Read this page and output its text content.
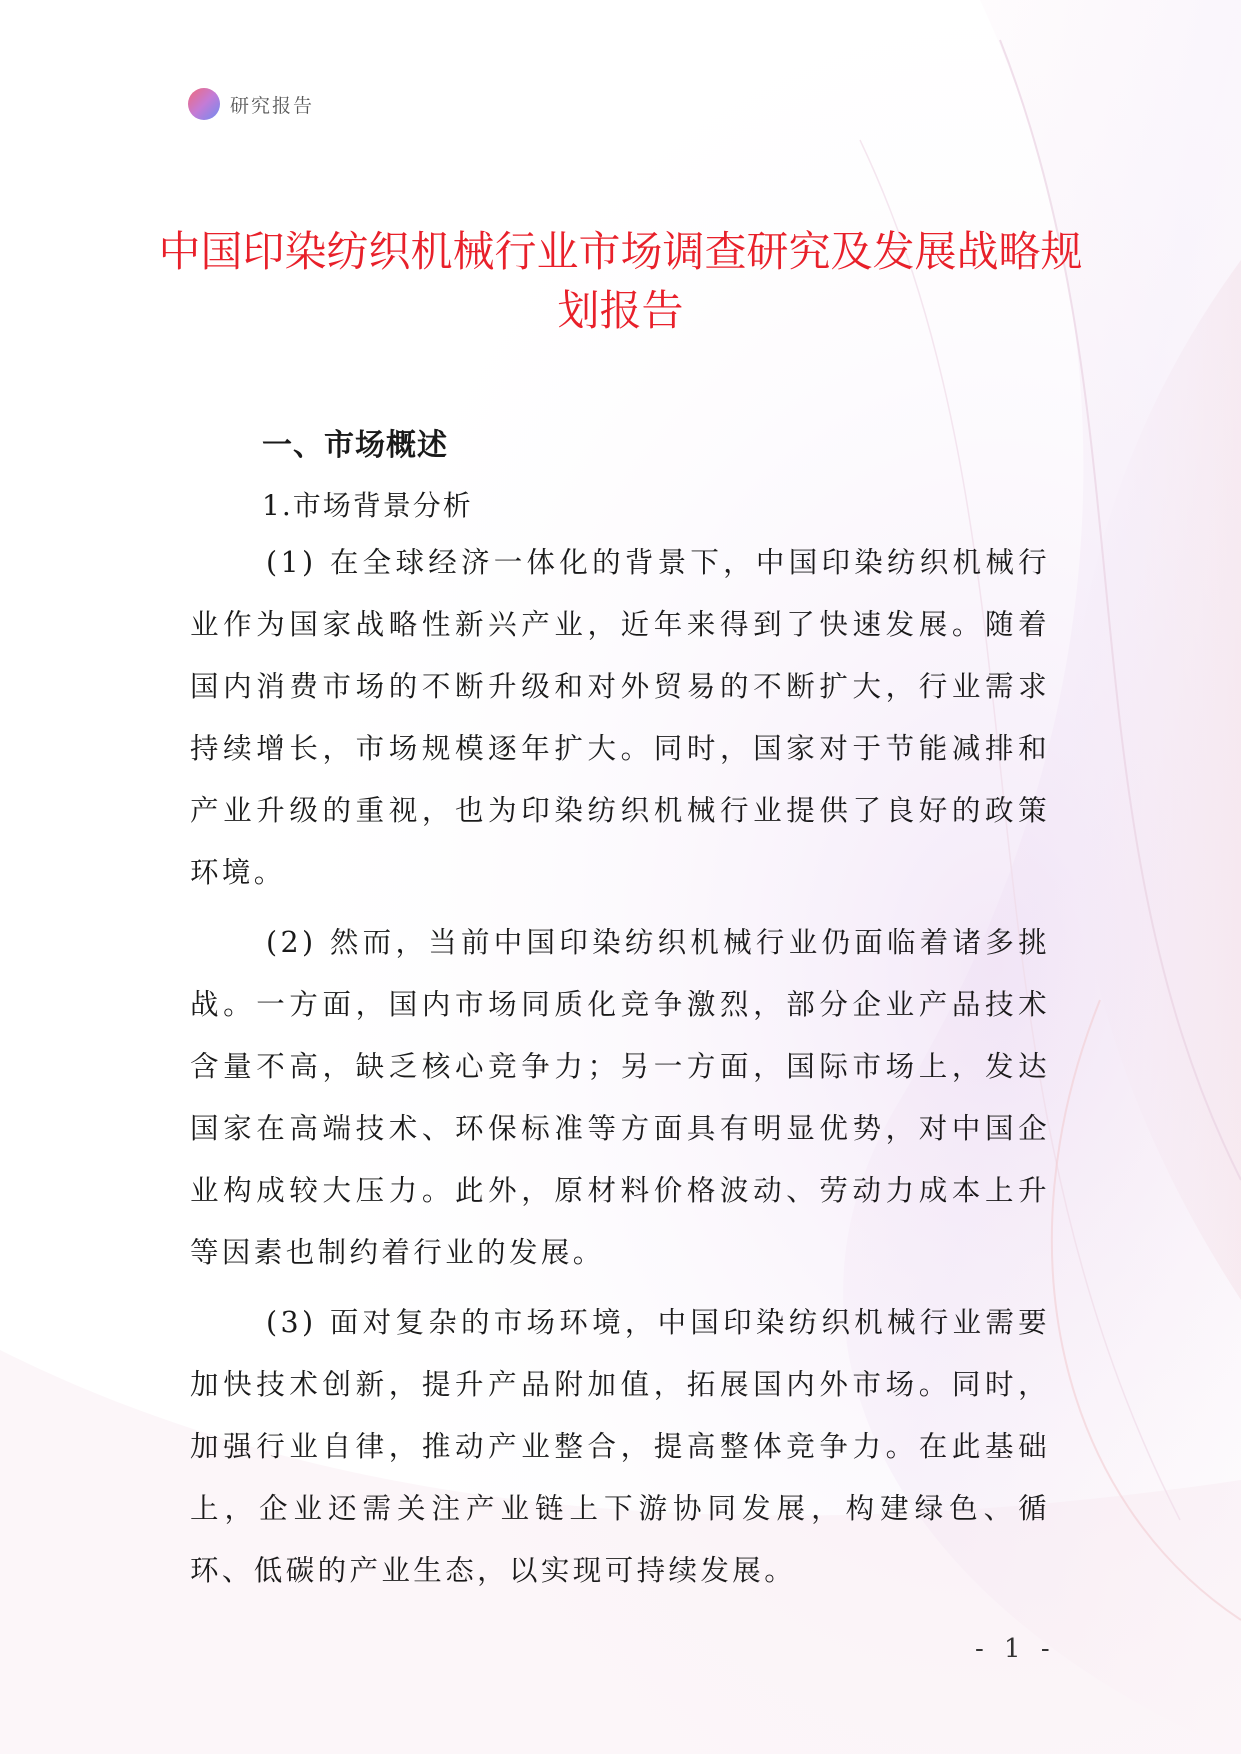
研究报告
中国印染纺织机械行业市场调查研究及发展战略规划报告
一、市场概述
1.市场背景分析

(1) 在全球经济一体化的背景下，中国印染纺织机械行业作为国家战略性新兴产业，近年来得到了快速发展。随着国内消费市场的不断升级和对外贸易的不断扩大，行业需求持续增长，市场规模逐年扩大。同时，国家对于节能减排和产业升级的重视，也为印染纺织机械行业提供了良好的政策环境。

(2) 然而，当前中国印染纺织机械行业仍面临着诸多挑战。一方面，国内市场同质化竞争激烈，部分企业产品技术含量不高，缺乏核心竞争力；另一方面，国际市场上，发达国家在高端技术、环保标准等方面具有明显优势，对中国企业构成较大压力。此外，原材料价格波动、劳动力成本上升等因素也制约着行业的发展。

(3) 面对复杂的市场环境，中国印染纺织机械行业需要加快技术创新，提升产品附加值，拓展国内外市场。同时，加强行业自律，推动产业整合，提高整体竞争力。在此基础上，企业还需关注产业链上下游协同发展，构建绿色、循环、低碳的产业生态，以实现可持续发展。

- 1 -
